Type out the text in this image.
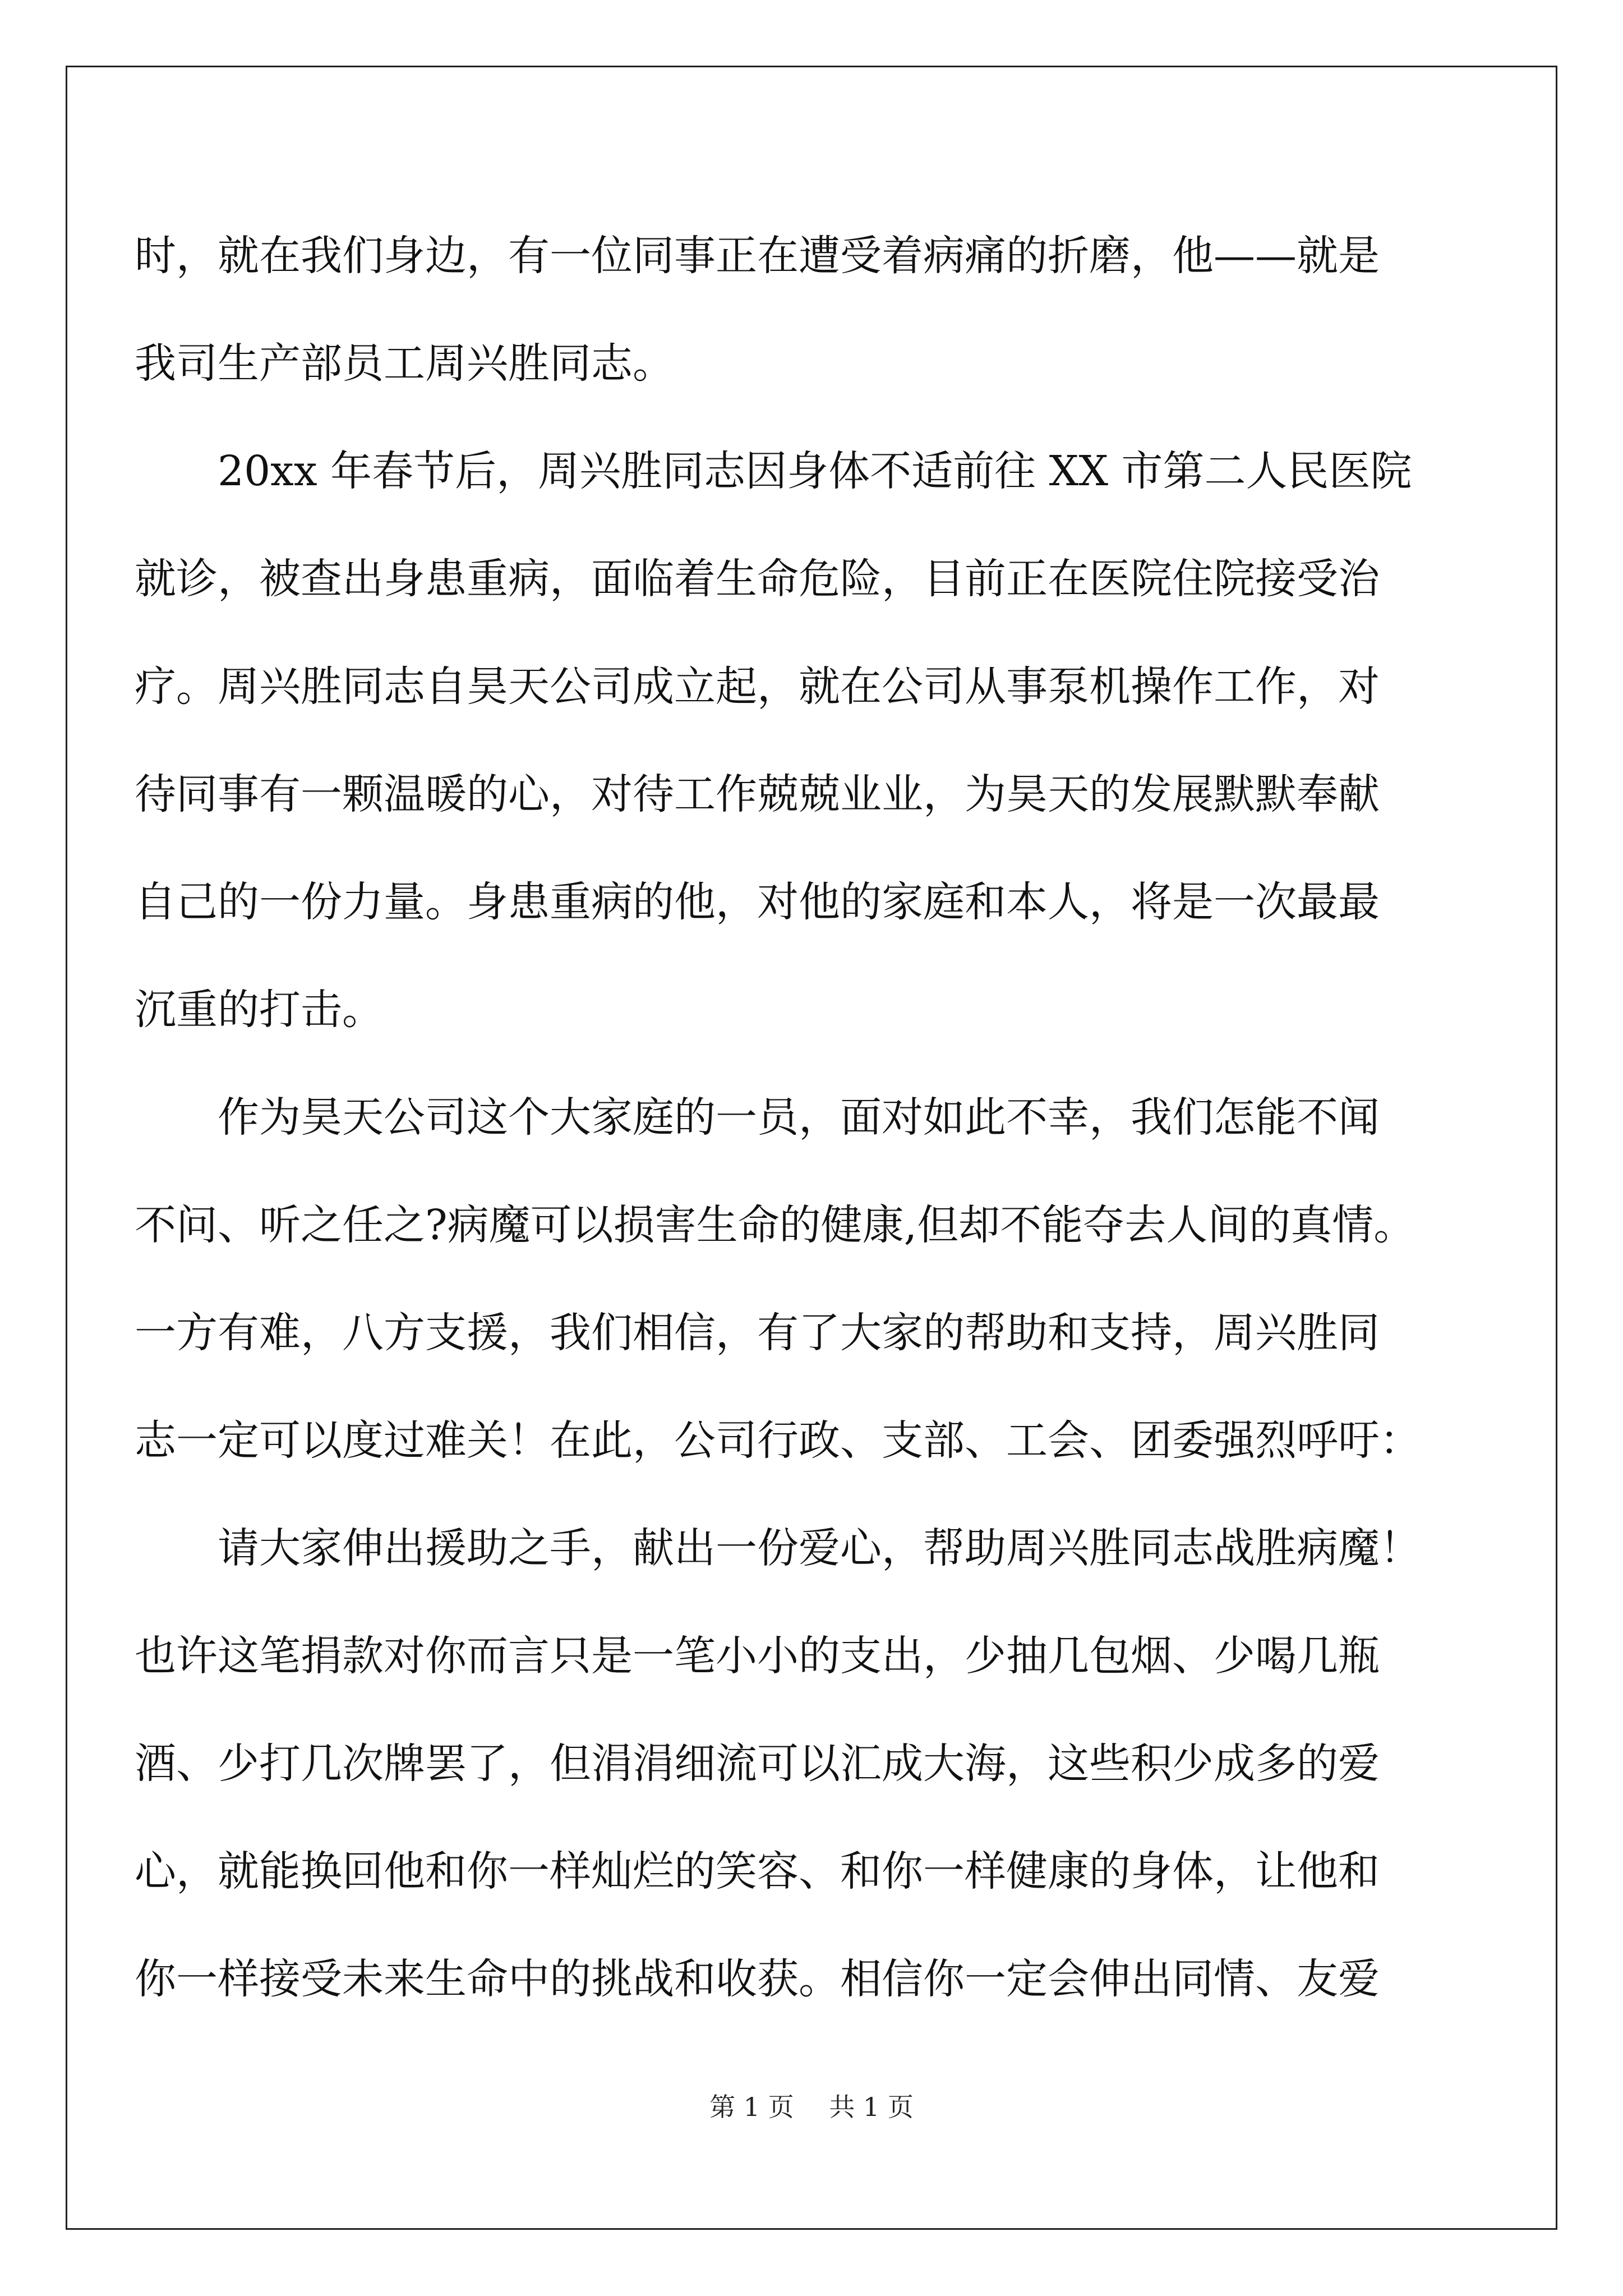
时，就在我们身边，有一位同事正在遭受着病痛的折磨，他——就是
我司生产部员工周兴胜同志。
20xx 年春节后，周兴胜同志因身体不适前往 XX 市第二人民医院
就诊，被查出身患重病，面临着生命危险，目前正在医院住院接受治
疗。周兴胜同志自昊天公司成立起，就在公司从事泵机操作工作，对
待同事有一颗温暖的心，对待工作兢兢业业，为昊天的发展默默奉献
自己的一份力量。身患重病的他，对他的家庭和本人，将是一次最最
沉重的打击。
作为昊天公司这个大家庭的一员，面对如此不幸，我们怎能不闻
不问、听之任之?病魔可以损害生命的健康,但却不能夺去人间的真情。
一方有难，八方支援，我们相信，有了大家的帮助和支持，周兴胜同
志一定可以度过难关！在此，公司行政、支部、工会、团委强烈呼吁：
请大家伸出援助之手，献出一份爱心，帮助周兴胜同志战胜病魔！
也许这笔捐款对你而言只是一笔小小的支出，少抽几包烟、少喝几瓶
酒、少打几次牌罢了，但涓涓细流可以汇成大海，这些积少成多的爱
心，就能换回他和你一样灿烂的笑容、和你一样健康的身体，让他和
你一样接受未来生命中的挑战和收获。相信你一定会伸出同情、友爱
第 1 页 共 1 页
